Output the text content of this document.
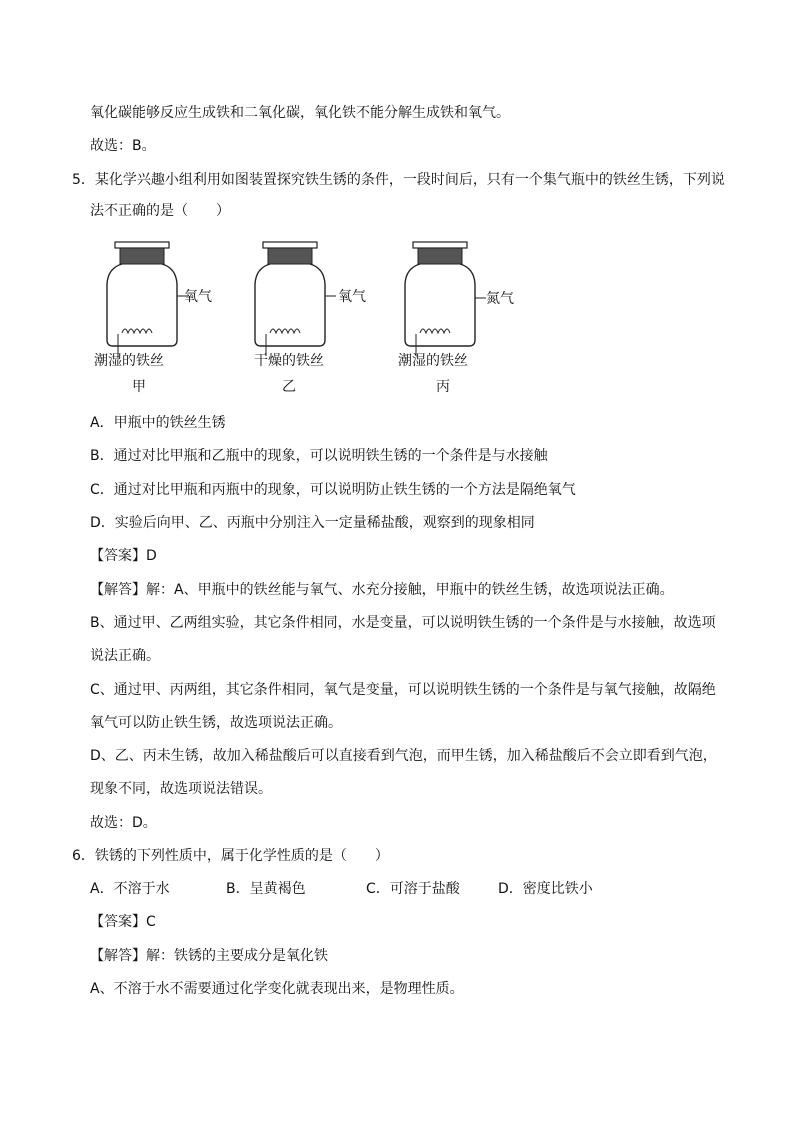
氧化碳能够反应生成铁和二氧化碳，氧化铁不能分解生成铁和氧气。
故选：B。
5．某化学兴趣小组利用如图装置探究铁生锈的条件，一段时间后，只有一个集气瓶中的铁丝生锈，下列说
法不正确的是（　　）
氧气
潮湿的铁丝
甲
氧气
干燥的铁丝
乙
氮气
潮湿的铁丝
丙
A．甲瓶中的铁丝生锈
B．通过对比甲瓶和乙瓶中的现象，可以说明铁生锈的一个条件是与水接触
C．通过对比甲瓶和丙瓶中的现象，可以说明防止铁生锈的一个方法是隔绝氧气
D．实验后向甲、乙、丙瓶中分别注入一定量稀盐酸，观察到的现象相同
【答案】D
【解答】解：A、甲瓶中的铁丝能与氧气、水充分接触，甲瓶中的铁丝生锈，故选项说法正确。
B、通过甲、乙两组实验，其它条件相同，水是变量，可以说明铁生锈的一个条件是与水接触，故选项
说法正确。
C、通过甲、丙两组，其它条件相同，氧气是变量，可以说明铁生锈的一个条件是与氧气接触，故隔绝
氧气可以防止铁生锈，故选项说法正确。
D、乙、丙未生锈，故加入稀盐酸后可以直接看到气泡，而甲生锈，加入稀盐酸后不会立即看到气泡，
现象不同，故选项说法错误。
故选：D。
6．铁锈的下列性质中，属于化学性质的是（　　）
A．不溶于水	B．呈黄褐色	C．可溶于盐酸	D．密度比铁小
【答案】C
【解答】解：铁锈的主要成分是氧化铁
A、不溶于水不需要通过化学变化就表现出来，是物理性质。
